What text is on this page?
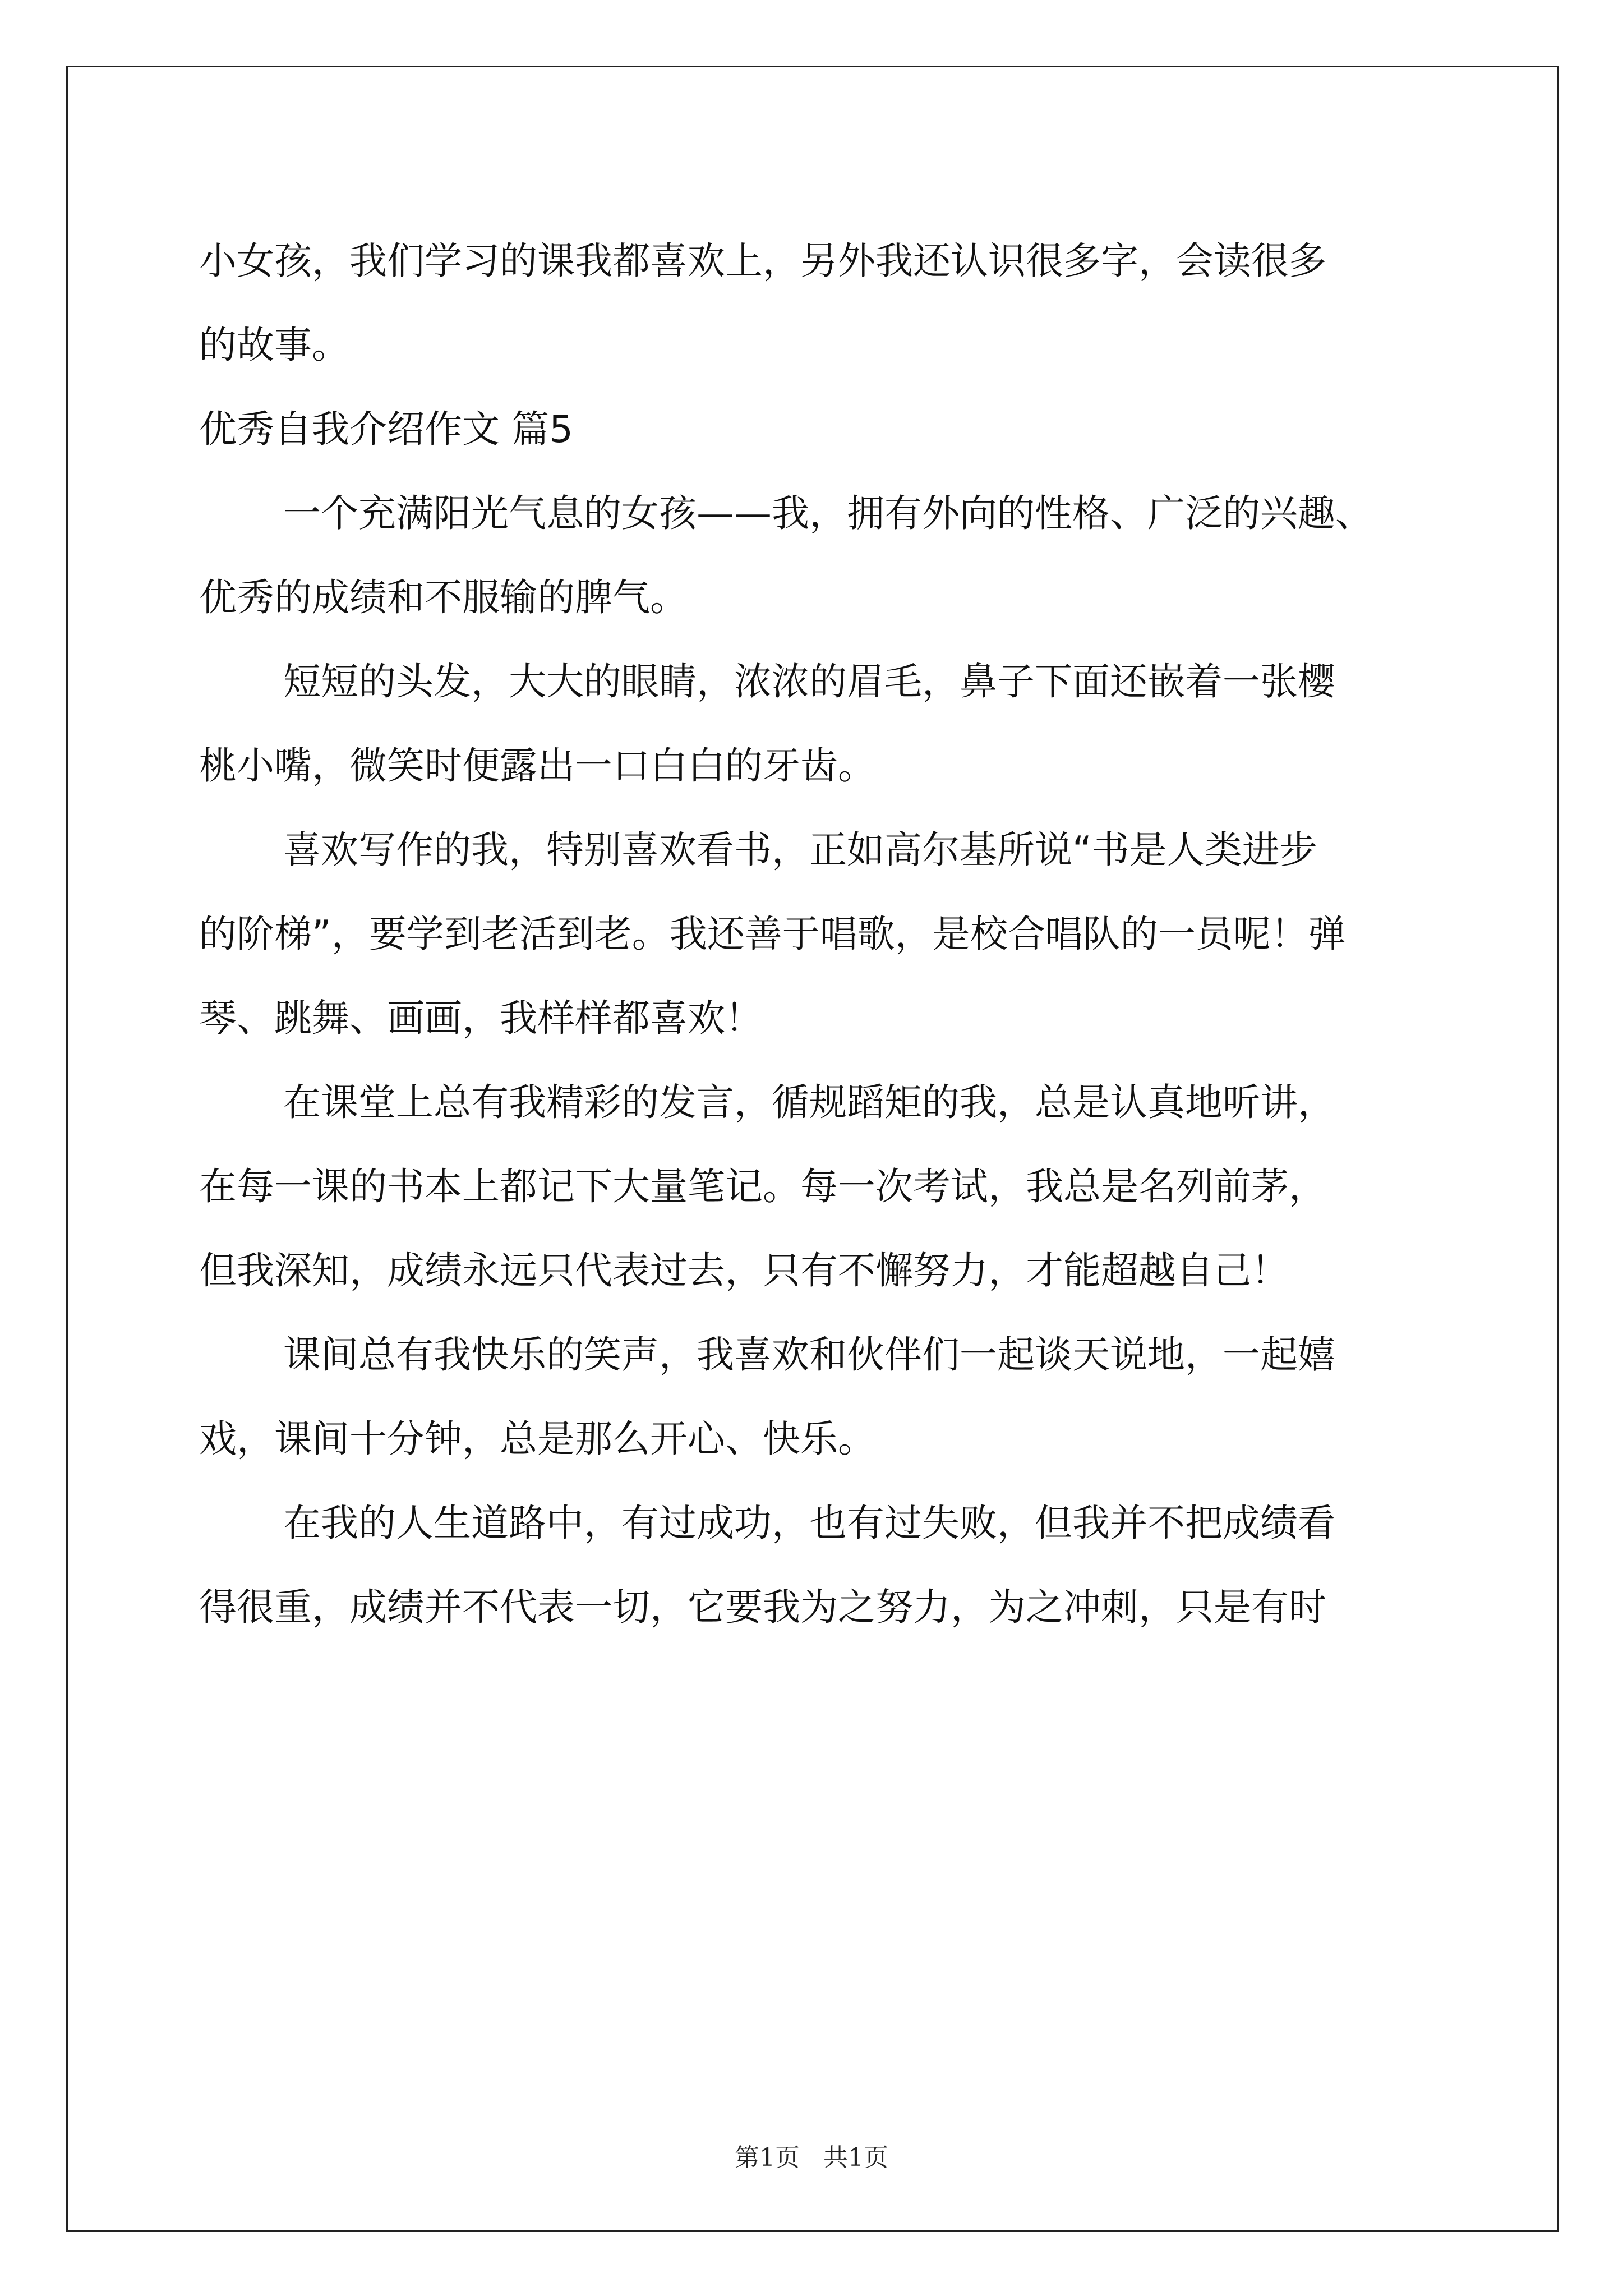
小女孩，我们学习的课我都喜欢上，另外我还认识很多字，会读很多
的故事。
优秀自我介绍作文 篇5
一个充满阳光气息的女孩——我，拥有外向的性格、广泛的兴趣、
优秀的成绩和不服输的脾气。
短短的头发，大大的眼睛，浓浓的眉毛，鼻子下面还嵌着一张樱
桃小嘴，微笑时便露出一口白白的牙齿。
喜欢写作的我，特别喜欢看书，正如高尔基所说“书是人类进步
的阶梯”，要学到老活到老。我还善于唱歌，是校合唱队的一员呢！弹
琴、跳舞、画画，我样样都喜欢！
在课堂上总有我精彩的发言，循规蹈矩的我，总是认真地听讲，
在每一课的书本上都记下大量笔记。每一次考试，我总是名列前茅，
但我深知，成绩永远只代表过去，只有不懈努力，才能超越自己！
课间总有我快乐的笑声，我喜欢和伙伴们一起谈天说地，一起嬉
戏，课间十分钟，总是那么开心、快乐。
在我的人生道路中，有过成功，也有过失败，但我并不把成绩看
得很重，成绩并不代表一切，它要我为之努力，为之冲刺，只是有时
第1页   共1页
